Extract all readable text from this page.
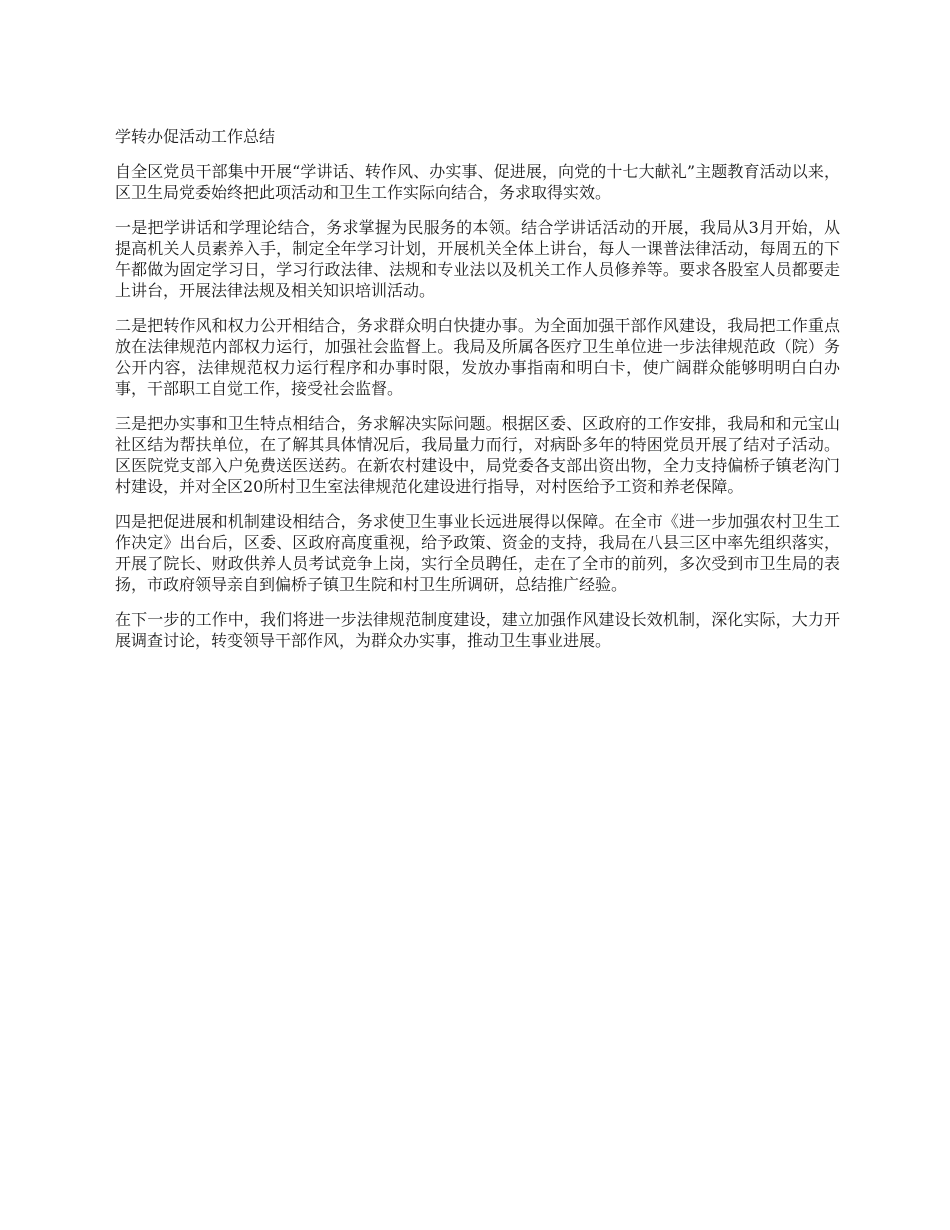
学转办促活动工作总结

自全区党员干部集中开展“学讲话、转作风、办实事、促进展，向党的十七大献礼”主题教育活动以来，区卫生局党委始终把此项活动和卫生工作实际向结合，务求取得实效。

一是把学讲话和学理论结合，务求掌握为民服务的本领。结合学讲话活动的开展，我局从3月开始，从提高机关人员素养入手，制定全年学习计划，开展机关全体上讲台，每人一课普法律活动，每周五的下午都做为固定学习日，学习行政法律、法规和专业法以及机关工作人员修养等。要求各股室人员都要走上讲台，开展法律法规及相关知识培训活动。

二是把转作风和权力公开相结合，务求群众明白快捷办事。为全面加强干部作风建设，我局把工作重点放在法律规范内部权力运行，加强社会监督上。我局及所属各医疗卫生单位进一步法律规范政（院）务公开内容，法律规范权力运行程序和办事时限，发放办事指南和明白卡，使广阔群众能够明明白白办事，干部职工自觉工作，接受社会监督。

三是把办实事和卫生特点相结合，务求解决实际问题。根据区委、区政府的工作安排，我局和和元宝山社区结为帮扶单位，在了解其具体情况后，我局量力而行，对病卧多年的特困党员开展了结对子活动。区医院党支部入户免费送医送药。在新农村建设中，局党委各支部出资出物，全力支持偏桥子镇老沟门村建设，并对全区20所村卫生室法律规范化建设进行指导，对村医给予工资和养老保障。

四是把促进展和机制建设相结合，务求使卫生事业长远进展得以保障。在全市《进一步加强农村卫生工作决定》出台后，区委、区政府高度重视，给予政策、资金的支持，我局在八县三区中率先组织落实，开展了院长、财政供养人员考试竞争上岗，实行全员聘任，走在了全市的前列，多次受到市卫生局的表扬，市政府领导亲自到偏桥子镇卫生院和村卫生所调研，总结推广经验。

在下一步的工作中，我们将进一步法律规范制度建设，建立加强作风建设长效机制，深化实际，大力开展调查讨论，转变领导干部作风，为群众办实事，推动卫生事业进展。
